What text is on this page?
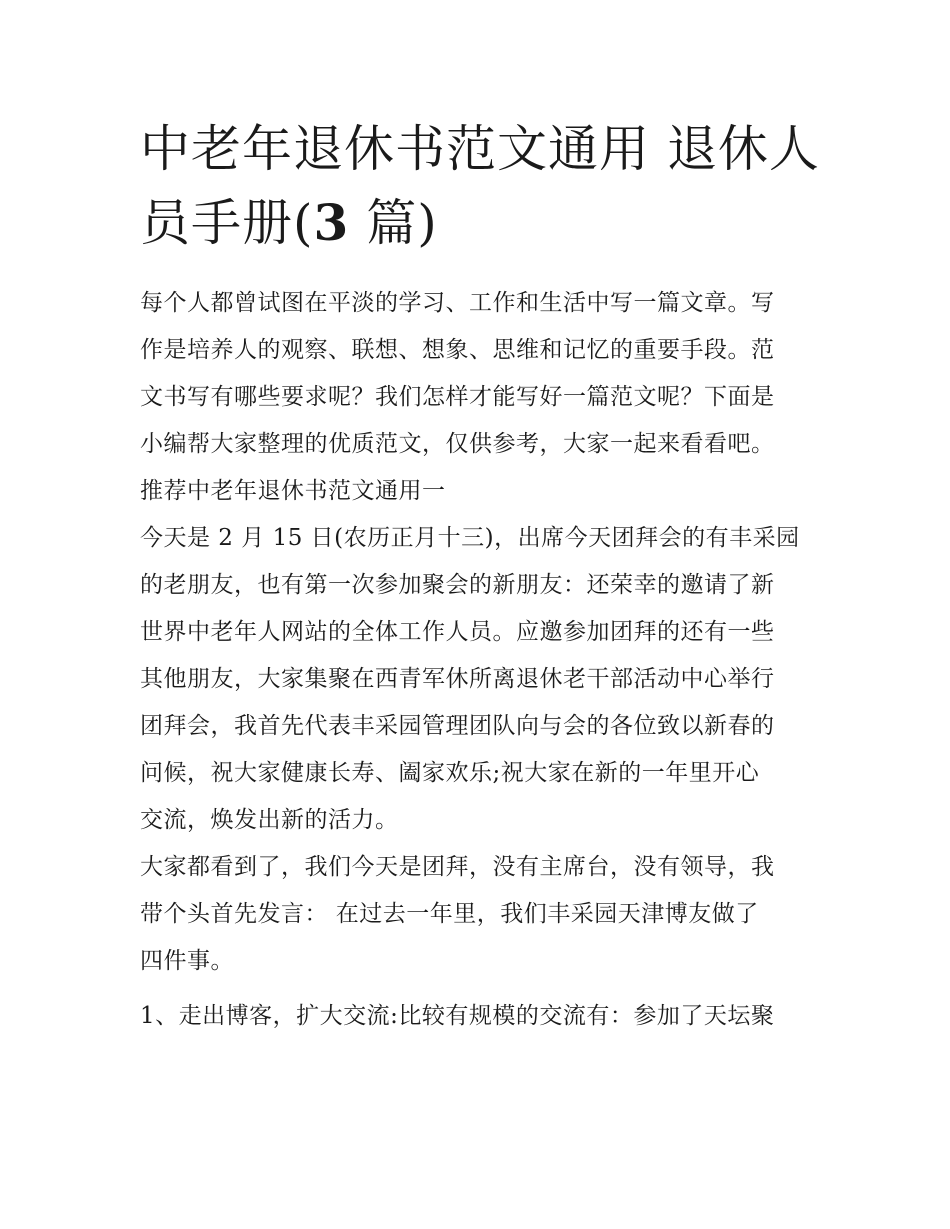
中老年退休书范文通用 退休人
员手册(3 篇)
每个人都曾试图在平淡的学习、工作和生活中写一篇文章。写
作是培养人的观察、联想、想象、思维和记忆的重要手段。范
文书写有哪些要求呢？我们怎样才能写好一篇范文呢？下面是
小编帮大家整理的优质范文，仅供参考，大家一起来看看吧。
推荐中老年退休书范文通用一
今天是 2 月 15 日(农历正月十三)，出席今天团拜会的有丰采园
的老朋友，也有第一次参加聚会的新朋友：还荣幸的邀请了新
世界中老年人网站的全体工作人员。应邀参加团拜的还有一些
其他朋友，大家集聚在西青军休所离退休老干部活动中心举行
团拜会，我首先代表丰采园管理团队向与会的各位致以新春的
问候，祝大家健康长寿、阖家欢乐;祝大家在新的一年里开心
交流，焕发出新的活力。
大家都看到了，我们今天是团拜，没有主席台，没有领导，我
带个头首先发言： 在过去一年里，我们丰采园天津博友做了
四件事。
1、走出博客，扩大交流:比较有规模的交流有：参加了天坛聚
